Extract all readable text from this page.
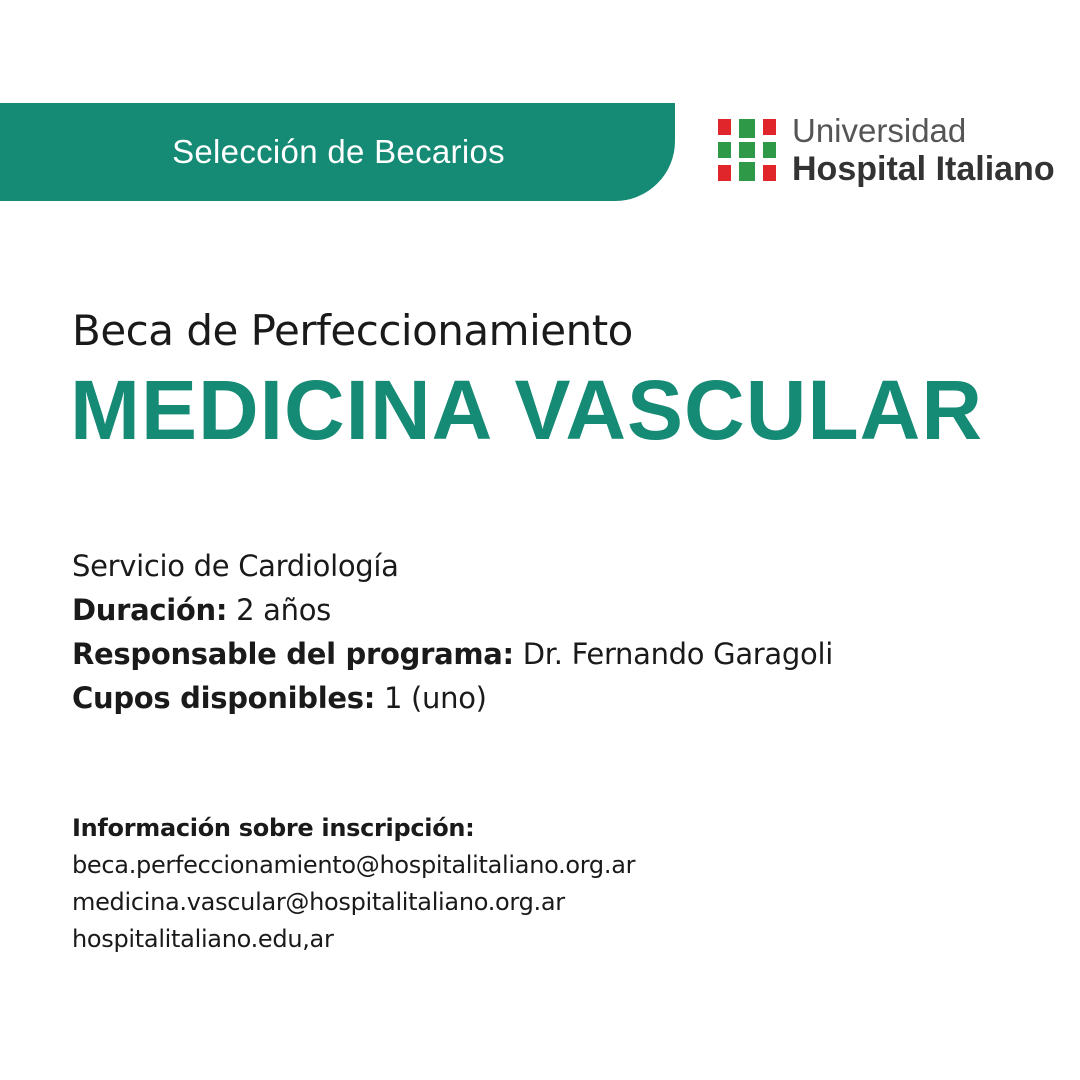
Selección de Becarios
Universidad
Hospital Italiano
Beca de Perfeccionamiento
MEDICINA VASCULAR
Servicio de Cardiología
Duración: 2 años
Responsable del programa: Dr. Fernando Garagoli
Cupos disponibles: 1 (uno)
Información sobre inscripción:
beca.perfeccionamiento@hospitalitaliano.org.ar
medicina.vascular@hospitalitaliano.org.ar
hospitalitaliano.edu,ar
